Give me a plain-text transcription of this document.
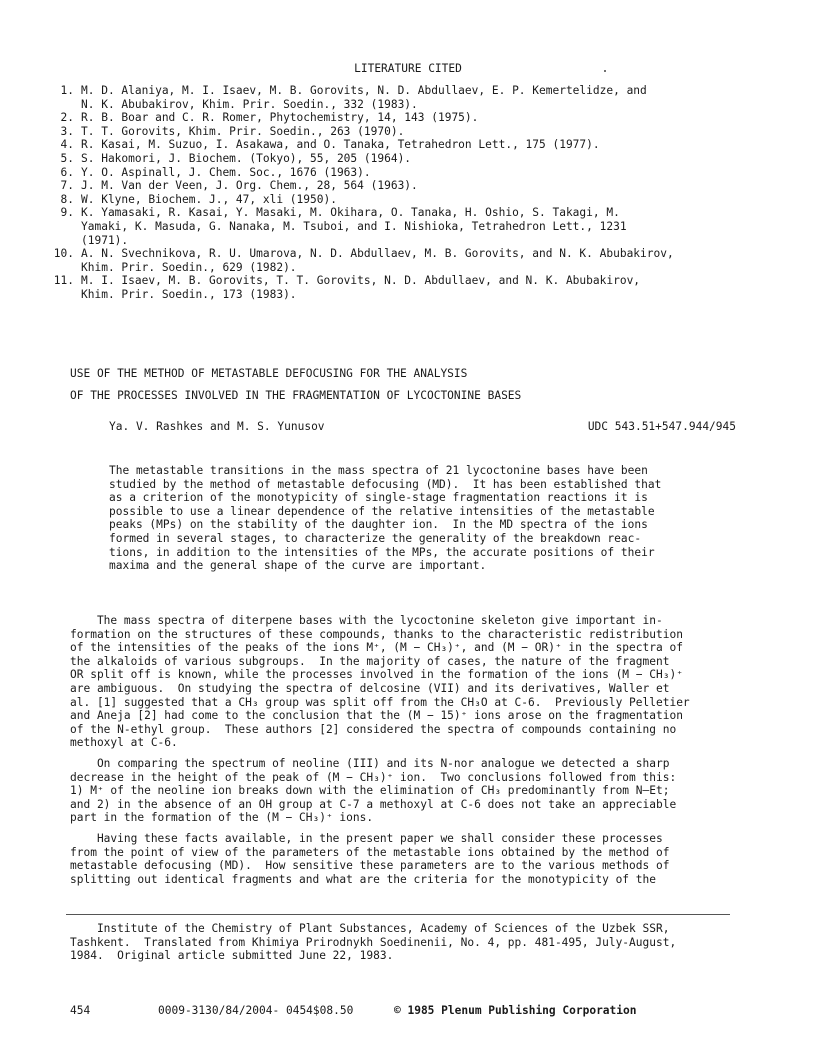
LITERATURE CITED
1. M. D. Alaniya, M. I. Isaev, M. B. Gorovits, N. D. Abdullaev, E. P. Kemertelidze, and
N. K. Abubakirov, Khim. Prir. Soedin., 332 (1983).
2. R. B. Boar and C. R. Romer, Phytochemistry, 14, 143 (1975).
3. T. T. Gorovits, Khim. Prir. Soedin., 263 (1970).
4. R. Kasai, M. Suzuo, I. Asakawa, and O. Tanaka, Tetrahedron Lett., 175 (1977).
5. S. Hakomori, J. Biochem. (Tokyo), 55, 205 (1964).
6. Y. O. Aspinall, J. Chem. Soc., 1676 (1963).
7. J. M. Van der Veen, J. Org. Chem., 28, 564 (1963).
8. W. Klyne, Biochem. J., 47, xli (1950).
9. K. Yamasaki, R. Kasai, Y. Masaki, M. Okihara, O. Tanaka, H. Oshio, S. Takagi, M.
Yamaki, K. Masuda, G. Nanaka, M. Tsuboi, and I. Nishioka, Tetrahedron Lett., 1231
(1971).
10. A. N. Svechnikova, R. U. Umarova, N. D. Abdullaev, M. B. Gorovits, and N. K. Abubakirov,
Khim. Prir. Soedin., 629 (1982).
11. M. I. Isaev, M. B. Gorovits, T. T. Gorovits, N. D. Abdullaev, and N. K. Abubakirov,
Khim. Prir. Soedin., 173 (1983).
USE OF THE METHOD OF METASTABLE DEFOCUSING FOR THE ANALYSIS
OF THE PROCESSES INVOLVED IN THE FRAGMENTATION OF LYCOCTONINE BASES
Ya. V. Rashkes and M. S. Yunusov	UDC 543.51+547.944/945
The metastable transitions in the mass spectra of 21 lycoctonine bases have been
studied by the method of metastable defocusing (MD).  It has been established that
as a criterion of the monotypicity of single-stage fragmentation reactions it is
possible to use a linear dependence of the relative intensities of the metastable
peaks (MPs) on the stability of the daughter ion.  In the MD spectra of the ions
formed in several stages, to characterize the generality of the breakdown reac-
tions, in addition to the intensities of the MPs, the accurate positions of their
maxima and the general shape of the curve are important.
The mass spectra of diterpene bases with the lycoctonine skeleton give important in-
formation on the structures of these compounds, thanks to the characteristic redistribution
of the intensities of the peaks of the ions M⁺, (M − CH₃)⁺, and (M − OR)⁺ in the spectra of
the alkaloids of various subgroups.  In the majority of cases, the nature of the fragment
OR split off is known, while the processes involved in the formation of the ions (M − CH₃)⁺
are ambiguous.  On studying the spectra of delcosine (VII) and its derivatives, Waller et
al. [1] suggested that a CH₃ group was split off from the CH₃O at C-6.  Previously Pelletier
and Aneja [2] had come to the conclusion that the (M − 15)⁺ ions arose on the fragmentation
of the N-ethyl group.  These authors [2] considered the spectra of compounds containing no
methoxyl at C-6.
On comparing the spectrum of neoline (III) and its N-nor analogue we detected a sharp
decrease in the height of the peak of (M − CH₃)⁺ ion.  Two conclusions followed from this:
1) M⁺ of the neoline ion breaks down with the elimination of CH₃ predominantly from N—Et;
and 2) in the absence of an OH group at C-7 a methoxyl at C-6 does not take an appreciable
part in the formation of the (M − CH₃)⁺ ions.
Having these facts available, in the present paper we shall consider these processes
from the point of view of the parameters of the metastable ions obtained by the method of
metastable defocusing (MD).  How sensitive these parameters are to the various methods of
splitting out identical fragments and what are the criteria for the monotypicity of the
Institute of the Chemistry of Plant Substances, Academy of Sciences of the Uzbek SSR,
Tashkent.  Translated from Khimiya Prirodnykh Soedinenii, No. 4, pp. 481-495, July-August,
1984.  Original article submitted June 22, 1983.
454	0009-3130/84/2004- 0454$08.50	© 1985 Plenum Publishing Corporation
